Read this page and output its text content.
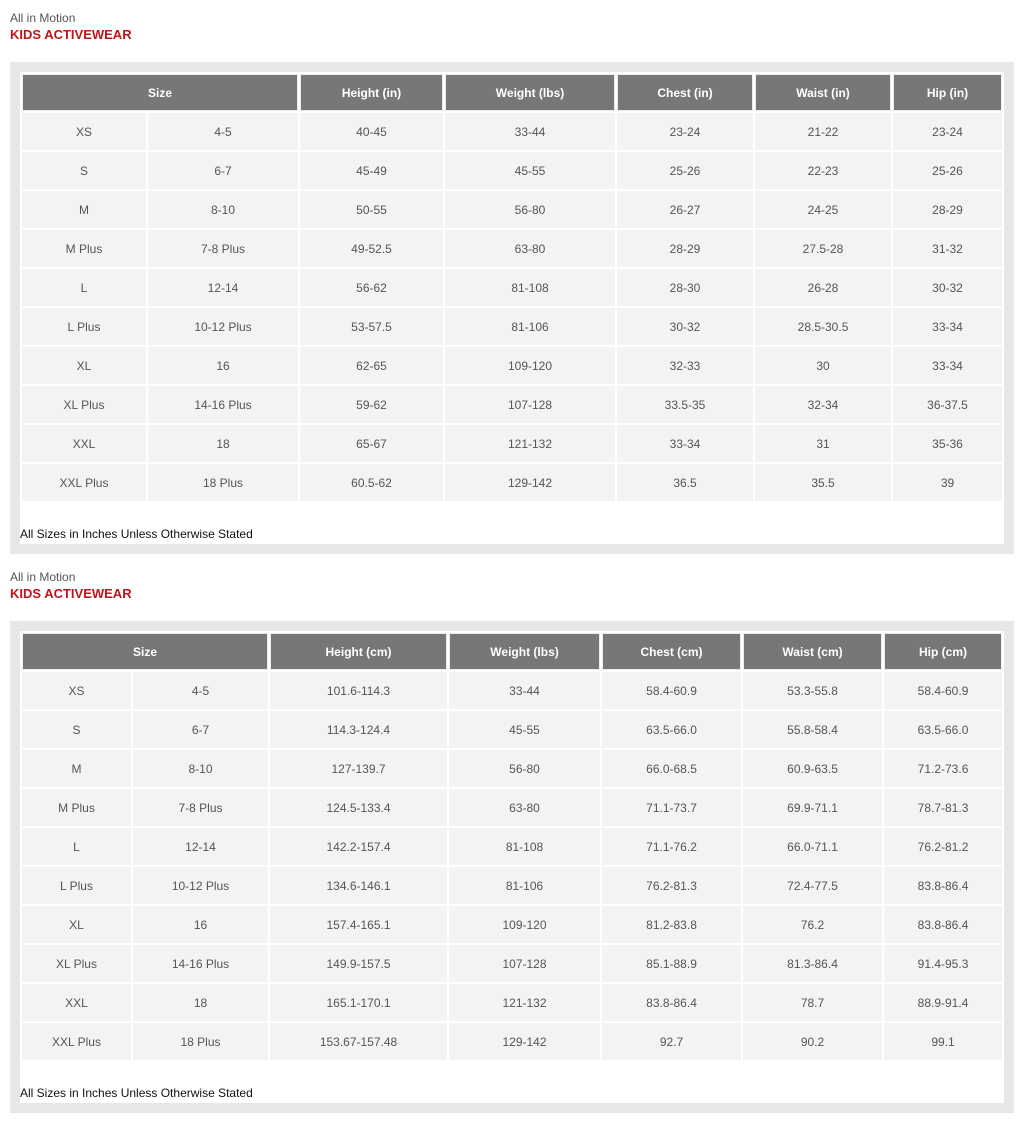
All in Motion
KIDS ACTIVEWEAR
Size		Height (in)	Weight (lbs)	Chest (in)	Waist (in)	Hip (in)
XS	4-5	40-45	33-44	23-24	21-22	23-24
S	6-7	45-49	45-55	25-26	22-23	25-26
M	8-10	50-55	56-80	26-27	24-25	28-29
M Plus	7-8 Plus	49-52.5	63-80	28-29	27.5-28	31-32
L	12-14	56-62	81-108	28-30	26-28	30-32
L Plus	10-12 Plus	53-57.5	81-106	30-32	28.5-30.5	33-34
XL	16	62-65	109-120	32-33	30	33-34
XL Plus	14-16 Plus	59-62	107-128	33.5-35	32-34	36-37.5
XXL	18	65-67	121-132	33-34	31	35-36
XXL Plus	18 Plus	60.5-62	129-142	36.5	35.5	39
All Sizes in Inches Unless Otherwise Stated
All in Motion
KIDS ACTIVEWEAR
Size		Height (cm)	Weight (lbs)	Chest (cm)	Waist (cm)	Hip (cm)
XS	4-5	101.6-114.3	33-44	58.4-60.9	53.3-55.8	58.4-60.9
S	6-7	114.3-124.4	45-55	63.5-66.0	55.8-58.4	63.5-66.0
M	8-10	127-139.7	56-80	66.0-68.5	60.9-63.5	71.2-73.6
M Plus	7-8 Plus	124.5-133.4	63-80	71.1-73.7	69.9-71.1	78.7-81.3
L	12-14	142.2-157.4	81-108	71.1-76.2	66.0-71.1	76.2-81.2
L Plus	10-12 Plus	134.6-146.1	81-106	76.2-81.3	72.4-77.5	83.8-86.4
XL	16	157.4-165.1	109-120	81.2-83.8	76.2	83.8-86.4
XL Plus	14-16 Plus	149.9-157.5	107-128	85.1-88.9	81.3-86.4	91.4-95.3
XXL	18	165.1-170.1	121-132	83.8-86.4	78.7	88.9-91.4
XXL Plus	18 Plus	153.67-157.48	129-142	92.7	90.2	99.1
All Sizes in Inches Unless Otherwise Stated
